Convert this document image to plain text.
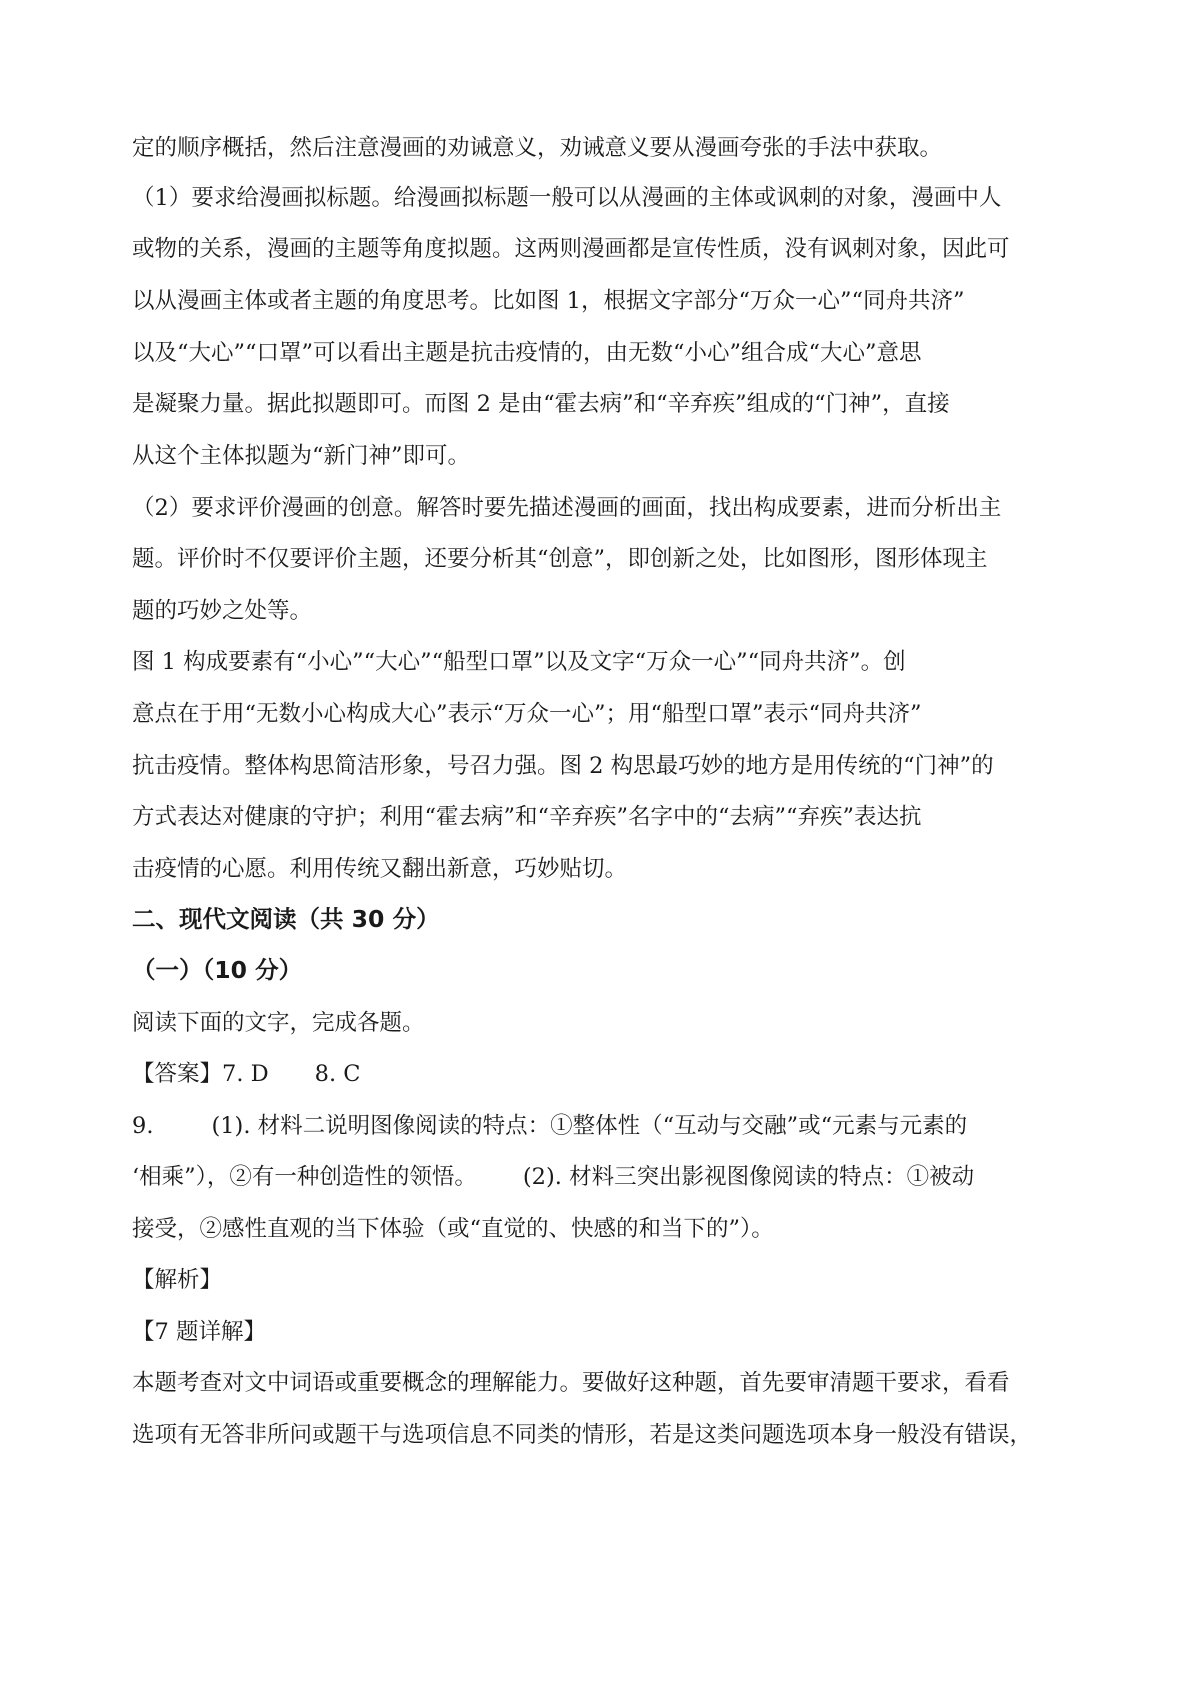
定的顺序概括，然后注意漫画的劝诫意义，劝诫意义要从漫画夸张的手法中获取。
（1）要求给漫画拟标题。给漫画拟标题一般可以从漫画的主体或讽刺的对象，漫画中人
或物的关系，漫画的主题等角度拟题。这两则漫画都是宣传性质，没有讽刺对象，因此可
以从漫画主体或者主题的角度思考。比如图 1，根据文字部分“万众一心”“同舟共济”
以及“大心”“口罩”可以看出主题是抗击疫情的，由无数“小心”组合成“大心”意思
是凝聚力量。据此拟题即可。而图 2 是由“霍去病”和“辛弃疾”组成的“门神”，直接
从这个主体拟题为“新门神”即可。
（2）要求评价漫画的创意。解答时要先描述漫画的画面，找出构成要素，进而分析出主
题。评价时不仅要评价主题，还要分析其“创意”，即创新之处，比如图形，图形体现主
题的巧妙之处等。
图 1 构成要素有“小心”“大心”“船型口罩”以及文字“万众一心”“同舟共济”。创
意点在于用“无数小心构成大心”表示“万众一心”；用“船型口罩”表示“同舟共济”
抗击疫情。整体构思简洁形象，号召力强。图 2 构思最巧妙的地方是用传统的“门神”的
方式表达对健康的守护；利用“霍去病”和“辛弃疾”名字中的“去病”“弃疾”表达抗
击疫情的心愿。利用传统又翻出新意，巧妙贴切。
二、现代文阅读（共 30 分）
（一）（10 分）
阅读下面的文字，完成各题。
【答案】7. D 8. C
9.	(1). 材料二说明图像阅读的特点：①整体性（“互动与交融”或“元素与元素的
‘相乘”），②有一种创造性的领悟。 (2). 材料三突出影视图像阅读的特点：①被动
接受，②感性直观的当下体验（或“直觉的、快感的和当下的”）。
【解析】
【7 题详解】
本题考查对文中词语或重要概念的理解能力。要做好这种题，首先要审清题干要求，看看
选项有无答非所问或题干与选项信息不同类的情形，若是这类问题选项本身一般没有错误，
